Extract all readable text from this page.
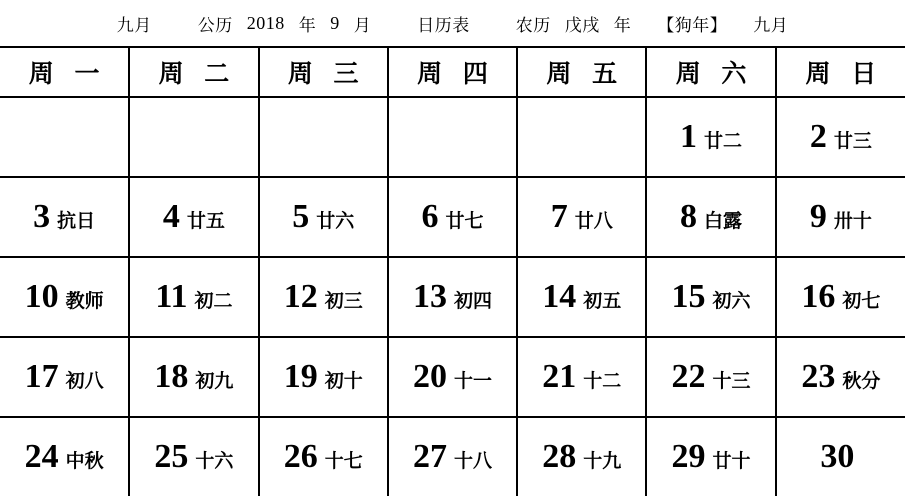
九月	公历 2018 年 9 月	日历表	农历 戊戌 年 【狗年】 九月
周 一	周 二	周 三	周 四	周 五	周 六	周 日

					1 廿二	2 廿三

3 抗日	4 廿五	5 廿六	6 廿七	7 廿八	8 白露	9 卅十

10 教师	11 初二	12 初三	13 初四	14 初五	15 初六	16 初七

17 初八	18 初九	19 初十	20 十一	21 十二	22 十三	23 秋分

24 中秋	25 十六	26 十七	27 十八	28 十九	29 廿十	30
